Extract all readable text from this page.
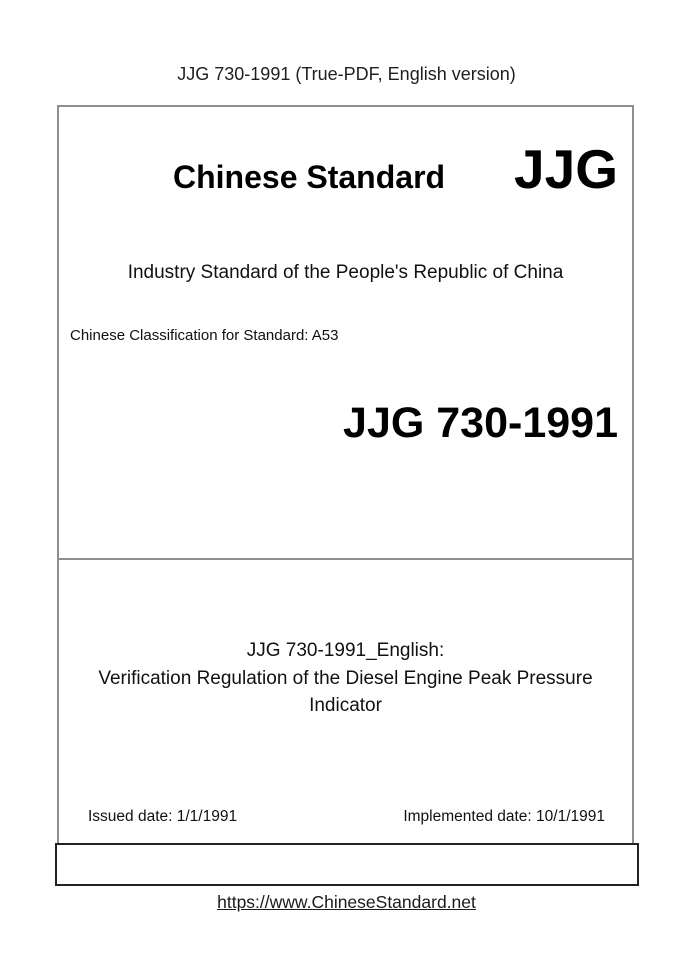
JJG 730-1991 (True-PDF, English version)
Chinese Standard JJG
Industry Standard of the People's Republic of China
Chinese Classification for Standard: A53
JJG 730-1991
JJG 730-1991_English:
Verification Regulation of the Diesel Engine Peak Pressure
Indicator
Issued date: 1/1/1991	Implemented date: 10/1/1991
https://www.ChineseStandard.net
